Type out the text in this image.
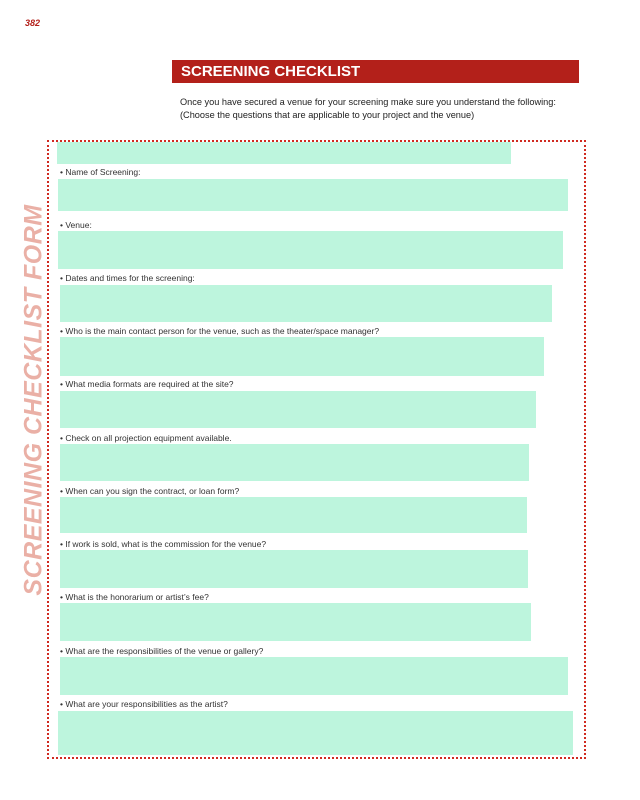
382
SCREENING CHECKLIST
Once you have secured a venue for your screening make sure you understand the following:
(Choose the questions that are applicable to your project and the venue)
SCREENING CHECKLIST FORM
• Name of Screening:
• Venue:
• Dates and times for the screening:
• Who is the main contact person for the venue, such as the theater/space manager?
• What media formats are required at the site?
• Check on all projection equipment available.
• When can you sign the contract, or loan form?
• If work is sold, what is the commission for the venue?
• What is the honorarium or artist’s fee?
• What are the responsibilities of the venue or gallery?
• What are your responsibilities as the artist?
